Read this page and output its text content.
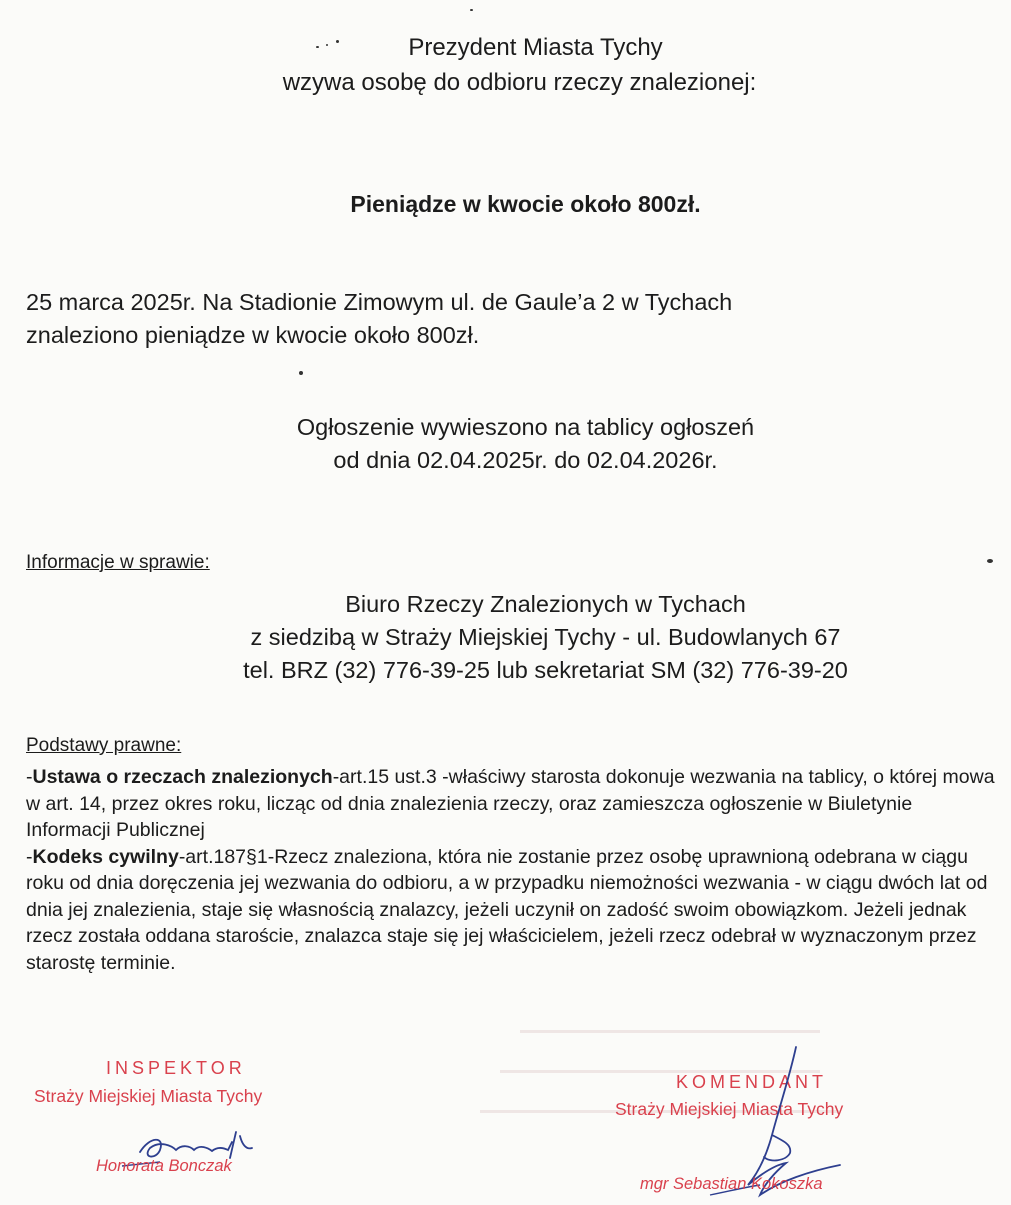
Prezydent Miasta Tychy
wzywa osobę do odbioru rzeczy znalezionej:
Pieniądze w kwocie około 800zł.
25 marca 2025r. Na Stadionie Zimowym ul. de Gaule’a 2 w Tychach
znaleziono pieniądze w kwocie około 800zł.
Ogłoszenie wywieszono na tablicy ogłoszeń
od dnia 02.04.2025r. do 02.04.2026r.
Informacje w sprawie:
Biuro Rzeczy Znalezionych w Tychach
z siedzibą w Straży Miejskiej Tychy - ul. Budowlanych 67
tel. BRZ (32) 776-39-25 lub sekretariat SM (32) 776-39-20
Podstawy prawne:
-Ustawa o rzeczach znalezionych-art.15 ust.3 -właściwy starosta dokonuje wezwania na tablicy, o której mowa w art. 14, przez okres roku, licząc od dnia znalezienia rzeczy, oraz zamieszcza ogłoszenie w Biuletynie Informacji Publicznej
-Kodeks cywilny-art.187§1-Rzecz znaleziona, która nie zostanie przez osobę uprawnioną odebrana w ciągu roku od dnia doręczenia jej wezwania do odbioru, a w przypadku niemożności wezwania - w ciągu dwóch lat od dnia jej znalezienia, staje się własnością znalazcy, jeżeli uczynił on zadość swoim obowiązkom. Jeżeli jednak rzecz została oddana staroście, znalazca staje się jej właścicielem, jeżeli rzecz odebrał w wyznaczonym przez starostę terminie.
INSPEKTOR
Straży Miejskiej Miasta Tychy
Honorata Bonczak
KOMENDANT
Straży Miejskiej Miasta Tychy
mgr Sebastian Kokoszka
